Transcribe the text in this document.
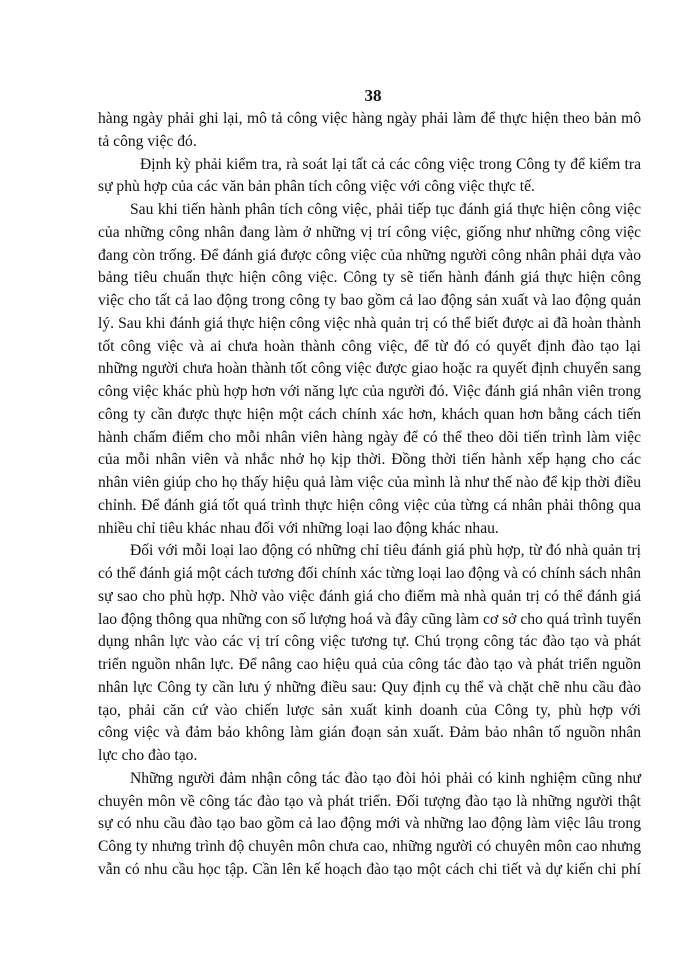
38
hàng ngày phải ghi lại, mô tả công việc hàng ngày phải làm để thực hiện theo bản mô
tả công việc đó.
Định kỳ phải kiểm tra, rà soát lại tất cả các công việc trong Công ty để kiểm tra
sự phù hợp của các văn bản phân tích công việc với công việc thực tế.
Sau khi tiến hành phân tích công việc, phải tiếp tục đánh giá thực hiện công việc
của những công nhân đang làm ở những vị trí công việc, giống như những công việc
đang còn trống. Để đánh giá được công việc của những người công nhân phải dựa vào
bảng tiêu chuẩn thực hiện công việc. Công ty sẽ tiến hành đánh giá thực hiện công
việc cho tất cả lao động trong công ty bao gồm cả lao động sản xuất và lao động quản
lý. Sau khi đánh giá thực hiện công việc nhà quản trị có thể biết được ai đã hoàn thành
tốt công việc và ai chưa hoàn thành công việc, để từ đó có quyết định đào tạo lại
những người chưa hoàn thành tốt công việc được giao hoặc ra quyết định chuyển sang
công việc khác phù hợp hơn với năng lực của người đó. Việc đánh giá nhân viên trong
công ty cần được thực hiện một cách chính xác hơn, khách quan hơn bằng cách tiến
hành chấm điểm cho mỗi nhân viên hàng ngày để có thể theo dõi tiến trình làm việc
của mỗi nhân viên và nhắc nhở họ kịp thời. Đồng thời tiến hành xếp hạng cho các
nhân viên giúp cho họ thấy hiệu quả làm việc của mình là như thế nào để kịp thời điều
chỉnh. Để đánh giá tốt quá trình thực hiện công việc của từng cá nhân phải thông qua
nhiều chỉ tiêu khác nhau đối với những loại lao động khác nhau.
Đối với mỗi loại lao động có những chỉ tiêu đánh giá phù hợp, từ đó nhà quản trị
có thể đánh giá một cách tương đối chính xác từng loại lao động và có chính sách nhân
sự sao cho phù hợp. Nhờ vào việc đánh giá cho điểm mà nhà quản trị có thể đánh giá
lao động thông qua những con số lượng hoá và đây cũng làm cơ sở cho quá trình tuyển
dụng nhân lực vào các vị trí công việc tương tự. Chú trọng công tác đào tạo và phát
triển nguồn nhân lực. Để nâng cao hiệu quả của công tác đào tạo và phát triển nguồn
nhân lực Công ty cần lưu ý những điều sau: Quy định cụ thể và chặt chẽ nhu cầu đào
tạo, phải căn cứ vào chiến lược sản xuất kinh doanh của Công ty, phù hợp với
công việc và đảm bảo không làm gián đoạn sản xuất. Đảm bảo nhân tố nguồn nhân
lực cho đào tạo.
Những người đảm nhận công tác đào tạo đòi hỏi phải có kinh nghiệm cũng như
chuyên môn về công tác đào tạo và phát triển. Đối tượng đào tạo là những người thật
sự có nhu cầu đào tạo bao gồm cả lao động mới và những lao động làm việc lâu trong
Công ty nhưng trình độ chuyên môn chưa cao, những người có chuyên môn cao nhưng
vẫn có nhu cầu học tập. Cần lên kế hoạch đào tạo một cách chi tiết và dự kiến chi phí
